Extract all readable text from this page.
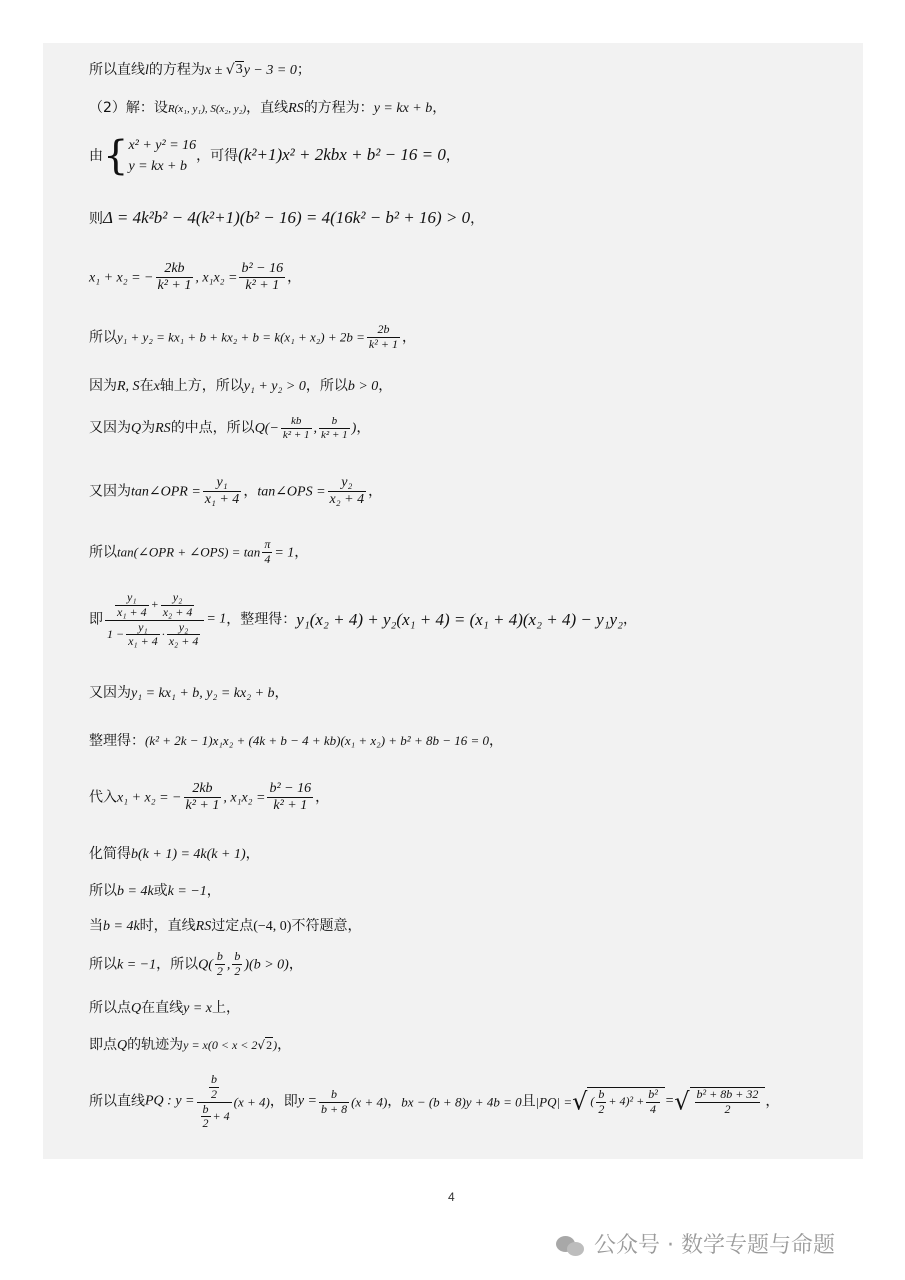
所以直线l的方程为x ± √3y − 3 = 0；
（2）解：设R(x₁, y₁), S(x₂, y₂)，直线RS的方程为：y = kx + b，
由{ x² + y² = 16
y = kx + b
，可得(k²+1)x² + 2kbx + b² − 16 = 0，
则Δ = 4k²b² − 4(k²+1)(b² − 16) = 4(16k² − b² + 16) > 0，
x₁ + x₂ = − $\frac{2kb}{\text{k² + 1}}$ , $x_1x_2 = \frac{\text{b² − 16}}{\text{k² + 1}}$ ，
所以$y_1 + y_2 = kx_1 + b + kx_2 + b = k(x_1 + x_2) + 2b = \frac{2b}{\text{k² + 1}}$ ，
因为R, S在x轴上方，所以y₁ + y₂ > 0，所以b > 0，
又因为Q为RS的中点，所以$Q(- \frac{kb}{\text{k² + 1}}$ , $\frac{b}{\text{k² + 1}}$ )，
又因为tan∠OPR = $\frac{\text{y₁}}{\text{x₁ + 4}}$ ，tan∠OPS = $\frac{\text{y₂}}{\text{x₂ + 4}}$ ，
所以tan(∠OPR + ∠OPS) = $\tan \frac{\pi}{4} = 1$，
即 $\frac{\frac{\text{y₁}}{\text{x₁ + 4}} + \frac{\text{y₂}}{\text{x₂ + 4}}}{1 - \frac{\text{y₁}}{\text{x₁ + 4}} \cdot \frac{\text{y₂}}{\text{x₂ + 4}}} = 1$，整理得：y₁(x₂ + 4) + y₂(x₁ + 4) = (x₁ + 4)(x₂ + 4) − y₁y₂，
又因为y₁ = kx₁ + b, y₂ = kx₂ + b，
整理得：(k² + 2k − 1)x₁x₂ + (4k + b − 4 + kb)(x₁ + x₂) + b² + 8b − 16 = 0，
代入x₁ + x₂ = − $\frac{2kb}{\text{k² + 1}}$ , $x_1x_2 = \frac{\text{b² − 16}}{\text{k² + 1}}$ ，
化简得b(k + 1) = 4k(k + 1)，
所以b = 4k或k = −1，
当b = 4k时，直线RS过定点(−4, 0)不符题意，
所以k = −1，所以$Q( \frac{b}{2}$ , $\frac{b}{2} )(b > 0)$，
所以点Q在直线y = x上，
即点Q的轨迹为y = x(0 < x < 2√2)，
所以直线PQ : $y = \frac{\frac{b}{2}}{\frac{b}{2} + 4} (x + 4)$，即$y = \frac{b}{b + 8} (x + 4)$，bx − (b + 8)y + 4b = 0且|PQ| =√ ( $\frac{b}{2} + 4)^2 + \frac{\text{b²}}{4}$ =√ $\frac{\text{b² + 8b + 32}}{2}$ ，
4
公众号 · 数学专题与命题
